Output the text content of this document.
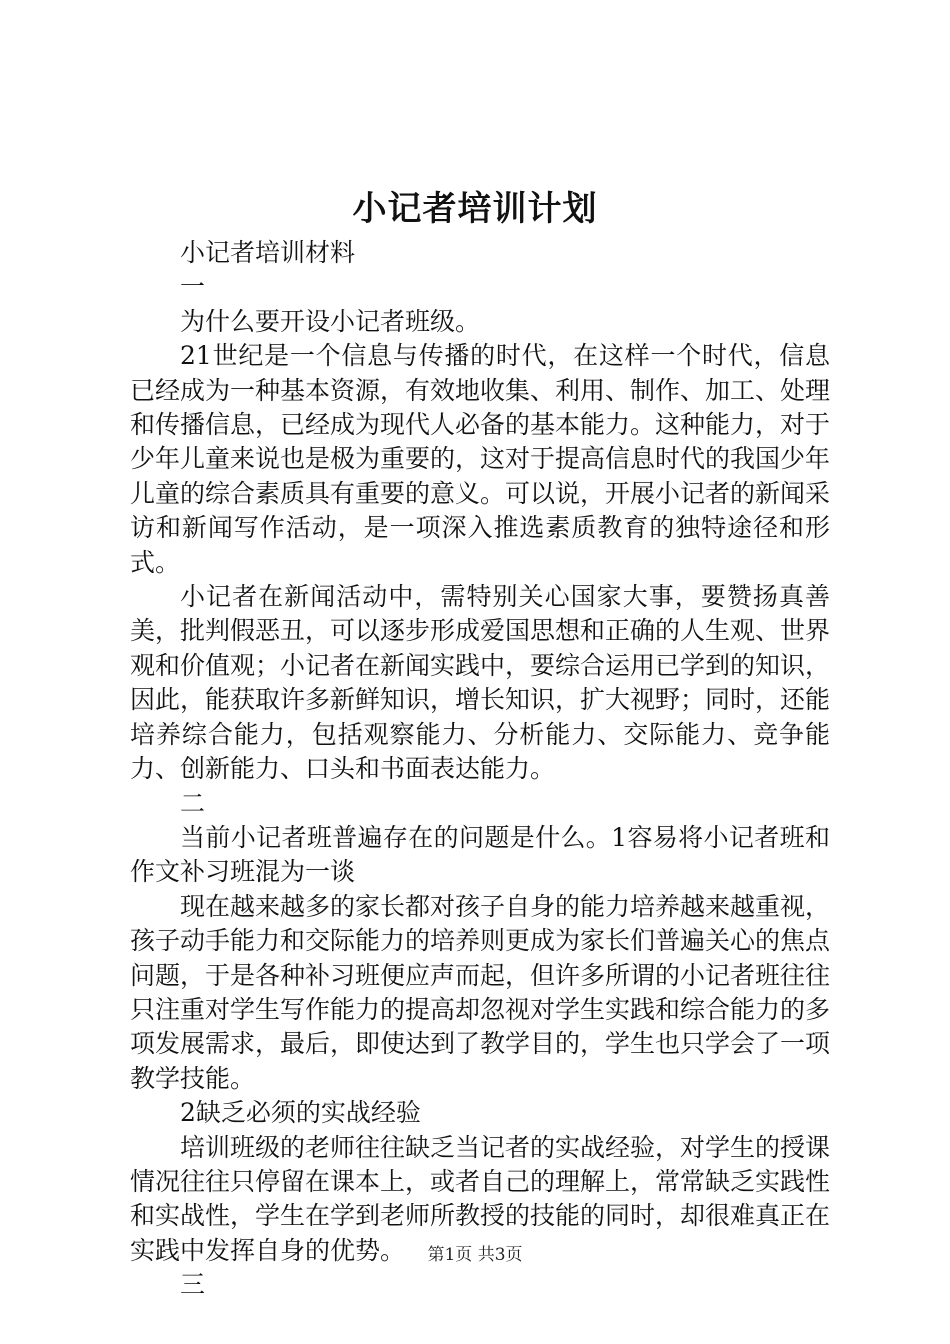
小记者培训计划

小记者培训材料

一

为什么要开设小记者班级。

21世纪是一个信息与传播的时代，在这样一个时代，信息已经成为一种基本资源，有效地收集、利用、制作、加工、处理和传播信息，已经成为现代人必备的基本能力。这种能力，对于少年儿童来说也是极为重要的，这对于提高信息时代的我国少年儿童的综合素质具有重要的意义。可以说，开展小记者的新闻采访和新闻写作活动，是一项深入推选素质教育的独特途径和形式。

小记者在新闻活动中，需特别关心国家大事，要赞扬真善美，批判假恶丑，可以逐步形成爱国思想和正确的人生观、世界观和价值观；小记者在新闻实践中，要综合运用已学到的知识，因此，能获取许多新鲜知识，增长知识，扩大视野；同时，还能培养综合能力，包括观察能力、分析能力、交际能力、竞争能力、创新能力、口头和书面表达能力。

二

当前小记者班普遍存在的问题是什么。1容易将小记者班和作文补习班混为一谈

现在越来越多的家长都对孩子自身的能力培养越来越重视，孩子动手能力和交际能力的培养则更成为家长们普遍关心的焦点问题，于是各种补习班便应声而起，但许多所谓的小记者班往往只注重对学生写作能力的提高却忽视对学生实践和综合能力的多项发展需求，最后，即使达到了教学目的，学生也只学会了一项教学技能。

2缺乏必须的实战经验

培训班级的老师往往缺乏当记者的实战经验，对学生的授课情况往往只停留在课本上，或者自己的理解上，常常缺乏实践性和实战性，学生在学到老师所教授的技能的同时，却很难真正在实践中发挥自身的优势。

三

第1页 共3页
